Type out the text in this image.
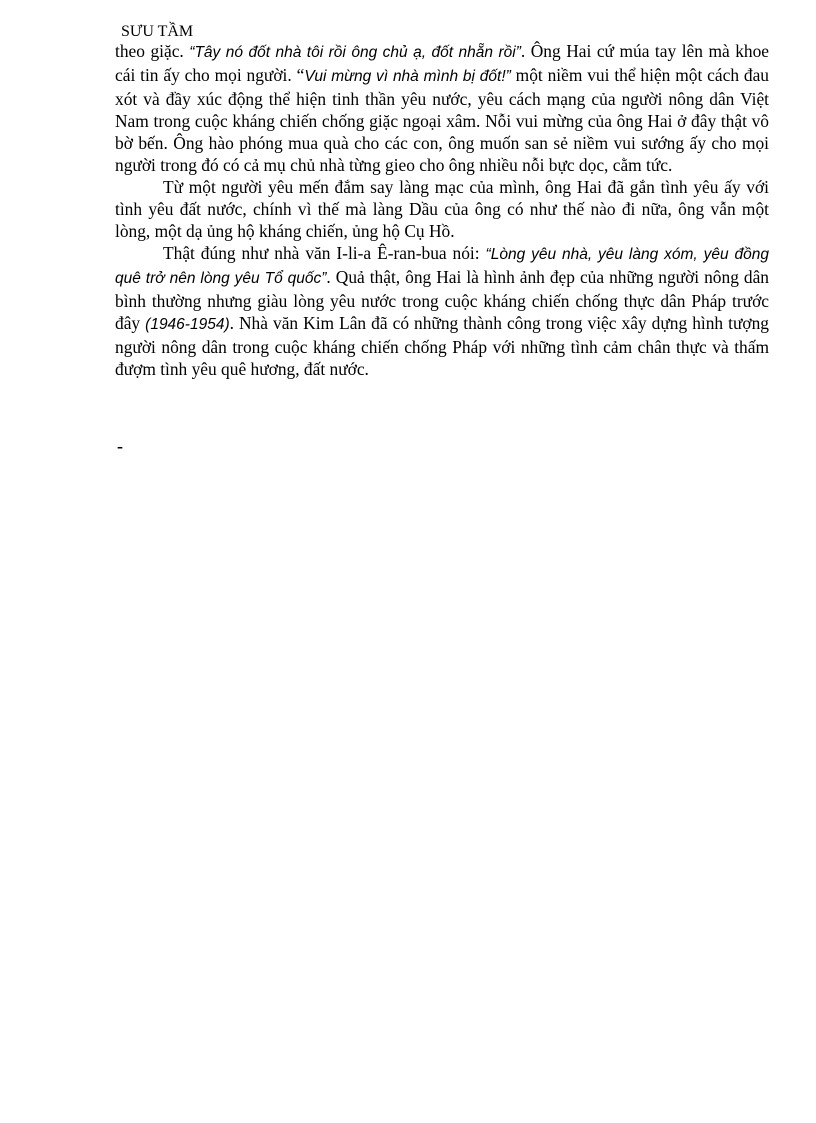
SƯU TẦM

theo giặc. “Tây nó đốt nhà tôi rồi ông chủ ạ, đốt nhẵn rồi”. Ông Hai cứ múa tay lên mà khoe cái tin ấy cho mọi người. “Vui mừng vì nhà mình bị đốt!” một niềm vui thể hiện một cách đau xót và đầy xúc động thể hiện tinh thần yêu nước, yêu cách mạng của người nông dân Việt Nam trong cuộc kháng chiến chống giặc ngoại xâm. Nỗi vui mừng của ông Hai ở đây thật vô bờ bến. Ông hào phóng mua quà cho các con, ông muốn san sẻ niềm vui sướng ấy cho mọi người trong đó có cả mụ chủ nhà từng gieo cho ông nhiều nỗi bực dọc, cằm tức.

Từ một người yêu mến đắm say làng mạc của mình, ông Hai đã gắn tình yêu ấy với tình yêu đất nước, chính vì thế mà làng Dầu của ông có như thế nào đi nữa, ông vẫn một lòng, một dạ ủng hộ kháng chiến, ủng hộ Cụ Hồ.

Thật đúng như nhà văn I-li-a Ê-ran-bua nói: “Lòng yêu nhà, yêu làng xóm, yêu đồng quê trở nên lòng yêu Tổ quốc”. Quả thật, ông Hai là hình ảnh đẹp của những người nông dân bình thường nhưng giàu lòng yêu nước trong cuộc kháng chiến chống thực dân Pháp trước đây (1946-1954). Nhà văn Kim Lân đã có những thành công trong việc xây dựng hình tượng người nông dân trong cuộc kháng chiến chống Pháp với những tình cảm chân thực và thấm đượm tình yêu quê hương, đất nước.

-
